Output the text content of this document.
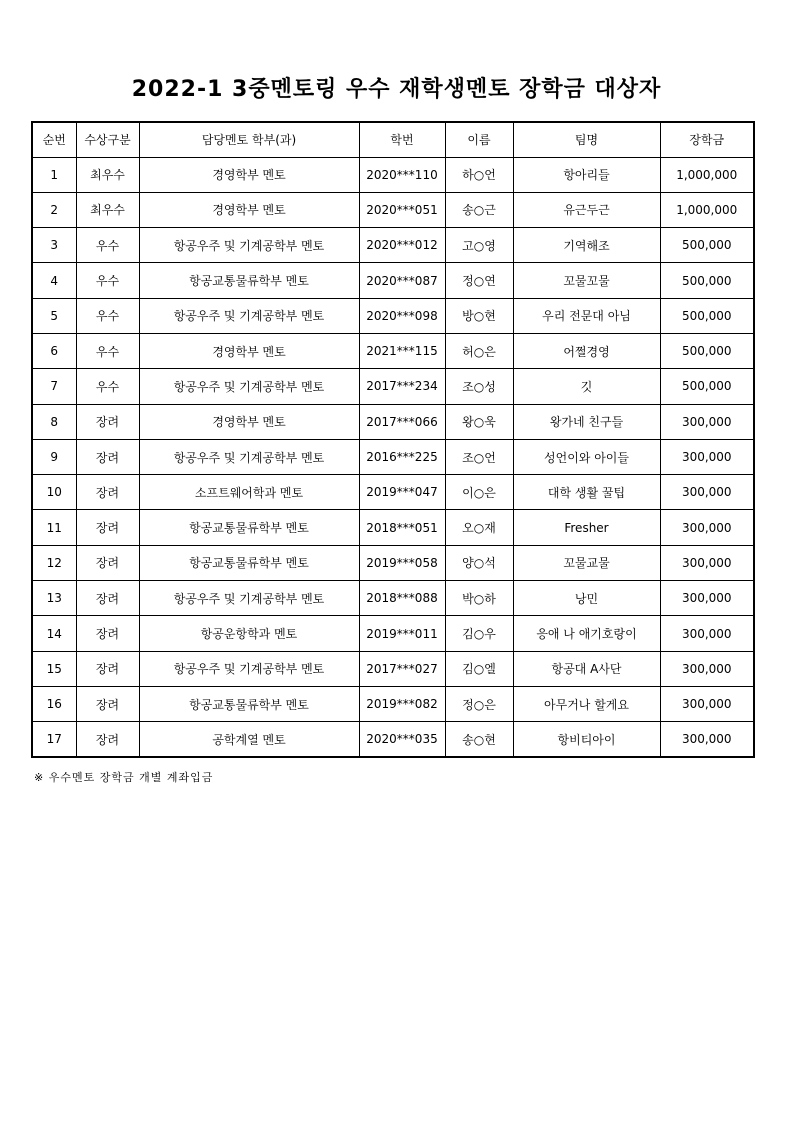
2022-1 3중멘토링 우수 재학생멘토 장학금 대상자
순번	수상구분	담당멘토 학부(과)	학번	이름	팀명	장학금
1	최우수	경영학부 멘토	2020***110	하○언	항아리들	1,000,000
2	최우수	경영학부 멘토	2020***051	송○근	유근두근	1,000,000
3	우수	항공우주 및 기계공학부 멘토	2020***012	고○영	기역해조	500,000
4	우수	항공교통물류학부 멘토	2020***087	정○연	꼬물꼬물	500,000
5	우수	항공우주 및 기계공학부 멘토	2020***098	방○현	우리 전문대 아님	500,000
6	우수	경영학부 멘토	2021***115	허○은	어쩔경영	500,000
7	우수	항공우주 및 기계공학부 멘토	2017***234	조○성	깃	500,000
8	장려	경영학부 멘토	2017***066	왕○욱	왕가네 친구들	300,000
9	장려	항공우주 및 기계공학부 멘토	2016***225	조○언	성언이와 아이들	300,000
10	장려	소프트웨어학과 멘토	2019***047	이○은	대학 생활 꿀팁	300,000
11	장려	항공교통물류학부 멘토	2018***051	오○재	Fresher	300,000
12	장려	항공교통물류학부 멘토	2019***058	양○석	꼬물교물	300,000
13	장려	항공우주 및 기계공학부 멘토	2018***088	박○하	낭민	300,000
14	장려	항공운항학과 멘토	2019***011	김○우	응애 나 애기호랑이	300,000
15	장려	항공우주 및 기계공학부 멘토	2017***027	김○엘	항공대 A사단	300,000
16	장려	항공교통물류학부 멘토	2019***082	정○은	아무거나 할게요	300,000
17	장려	공학계열 멘토	2020***035	송○현	항비티아이	300,000
※ 우수멘토 장학금 개별 계좌입금
